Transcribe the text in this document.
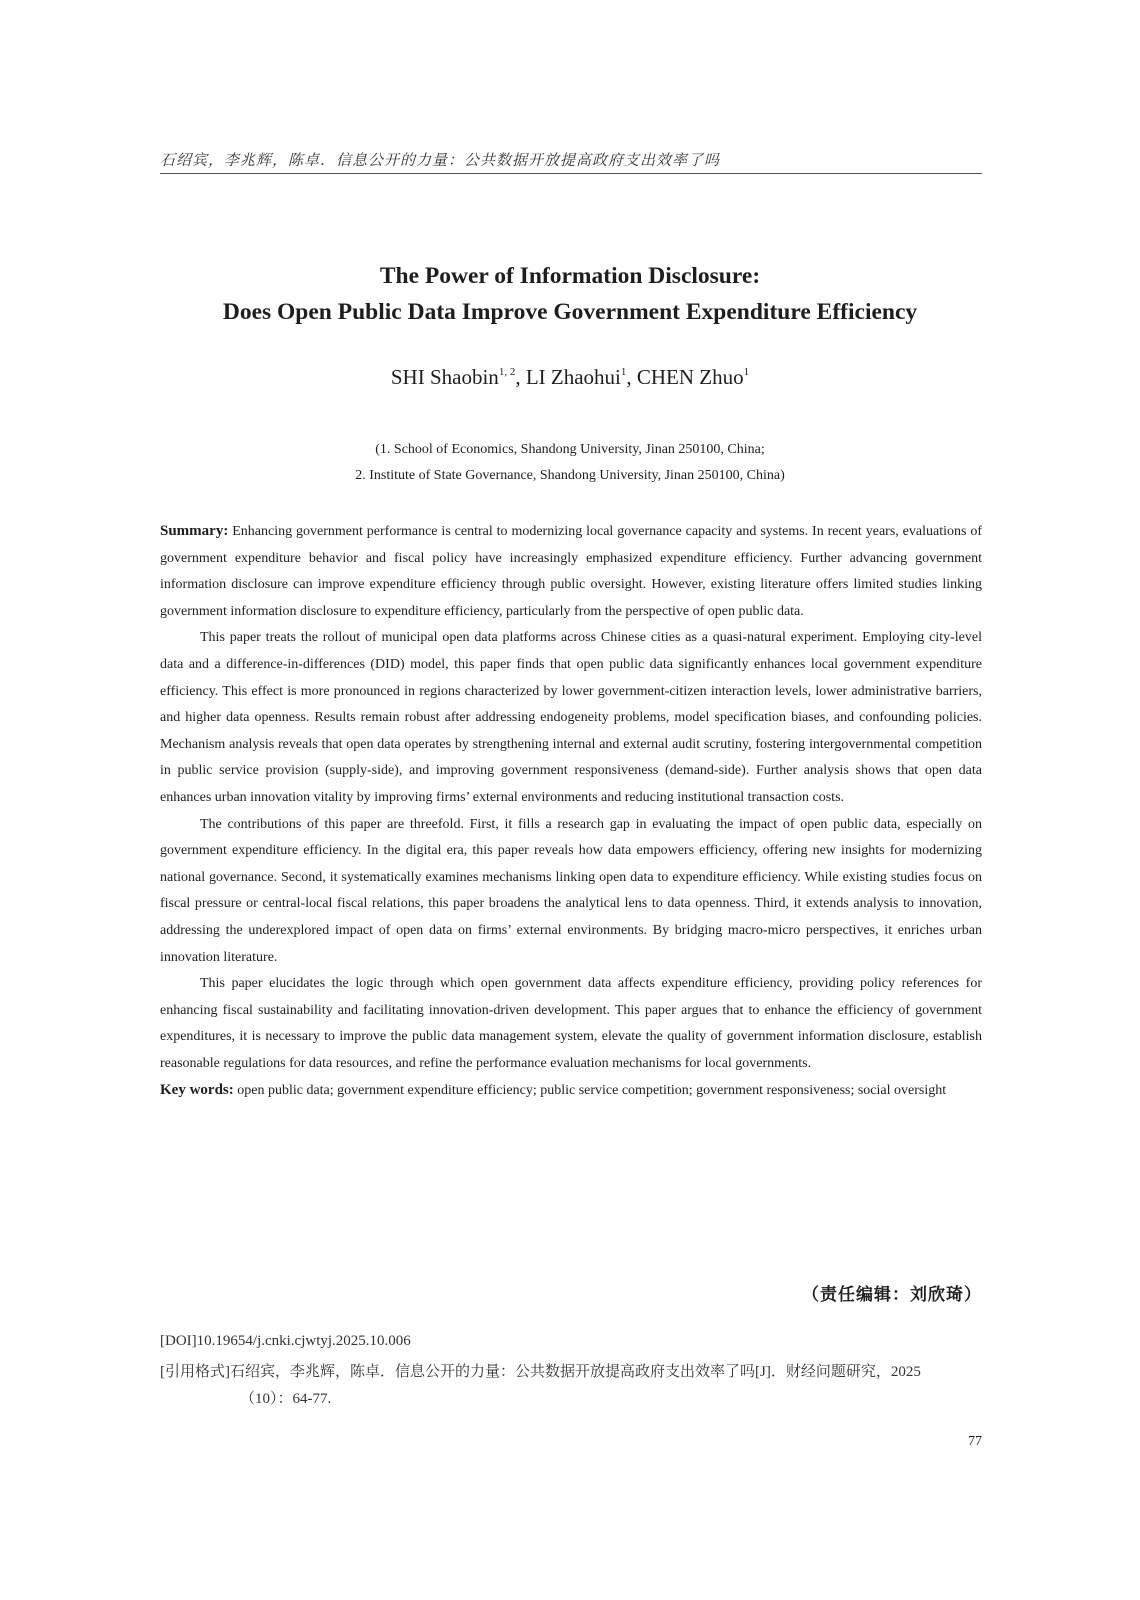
石绍宾，李兆辉，陈卓．信息公开的力量：公共数据开放提高政府支出效率了吗
The Power of Information Disclosure:
Does Open Public Data Improve Government Expenditure Efficiency
SHI Shaobin$^{1, 2}$, LI Zhaohui$^1$, CHEN Zhuo$^1$
(1. School of Economics, Shandong University, Jinan 250100, China;
2. Institute of State Governance, Shandong University, Jinan 250100, China)

Summary: Enhancing government performance is central to modernizing local governance capacity and systems. In recent years, evaluations of government expenditure behavior and fiscal policy have increasingly emphasized expenditure efficiency. Further advancing government information disclosure can improve expenditure efficiency through public oversight. However, existing literature offers limited studies linking government information disclosure to expenditure efficiency, particularly from the perspective of open public data.

This paper treats the rollout of municipal open data platforms across Chinese cities as a quasi-natural experiment. Employing city-level data and a difference-in-differences (DID) model, this paper finds that open public data significantly enhances local government expenditure efficiency. This effect is more pronounced in regions characterized by lower government-citizen interaction levels, lower administrative barriers, and higher data openness. Results remain robust after addressing endogeneity problems, model specification biases, and confounding policies. Mechanism analysis reveals that open data operates by strengthening internal and external audit scrutiny, fostering intergovernmental competition in public service provision (supply-side), and improving government responsiveness (demand-side). Further analysis shows that open data enhances urban innovation vitality by improving firms’ external environments and reducing institutional transaction costs.

The contributions of this paper are threefold. First, it fills a research gap in evaluating the impact of open public data, especially on government expenditure efficiency. In the digital era, this paper reveals how data empowers efficiency, offering new insights for modernizing national governance. Second, it systematically examines mechanisms linking open data to expenditure efficiency. While existing studies focus on fiscal pressure or central-local fiscal relations, this paper broadens the analytical lens to data openness. Third, it extends analysis to innovation, addressing the underexplored impact of open data on firms’ external environments. By bridging macro-micro perspectives, it enriches urban innovation literature.

This paper elucidates the logic through which open government data affects expenditure efficiency, providing policy references for enhancing fiscal sustainability and facilitating innovation-driven development. This paper argues that to enhance the efficiency of government expenditures, it is necessary to improve the public data management system, elevate the quality of government information disclosure, establish reasonable regulations for data resources, and refine the performance evaluation mechanisms for local governments.

Key words: open public data; government expenditure efficiency; public service competition; government responsiveness; social oversight

（责任编辑：刘欣琦）
[DOI]10.19654/j.cnki.cjwtyj.2025.10.006
[引用格式]石绍宾，李兆辉，陈卓．信息公开的力量：公共数据开放提高政府支出效率了吗[J]．财经问题研究，2025
（10）：64-77.
77
